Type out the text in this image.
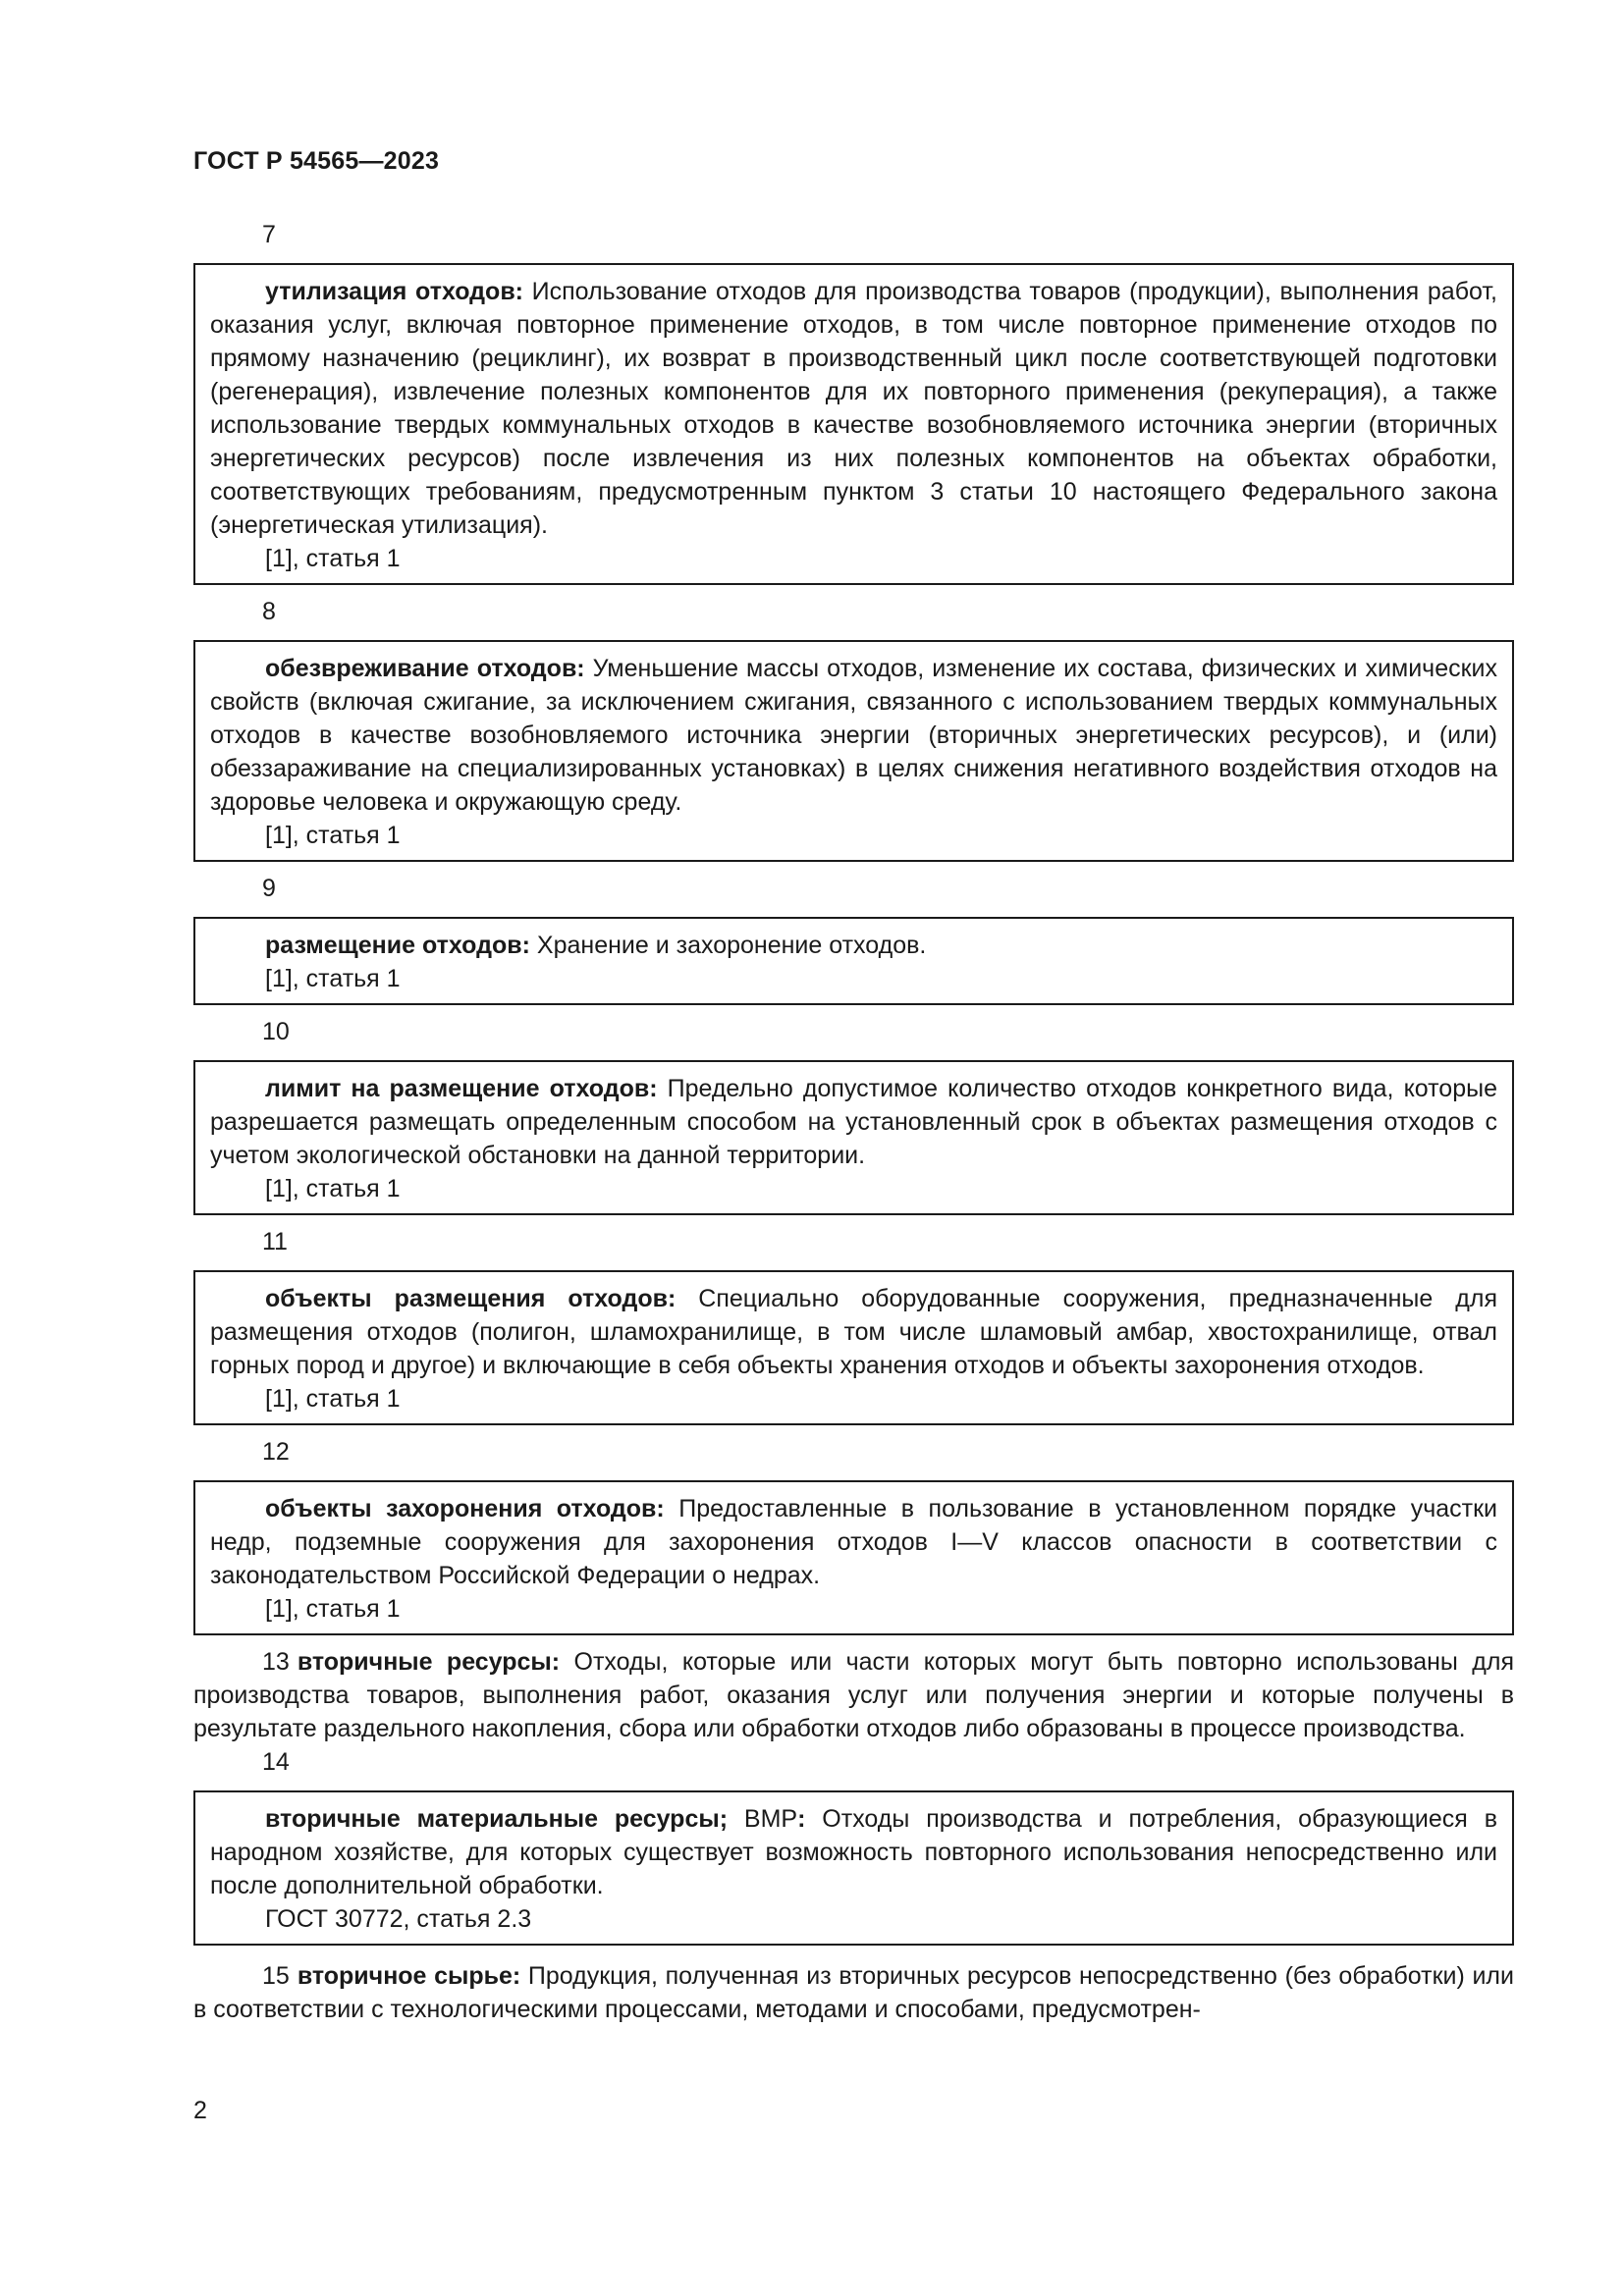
ГОСТ Р 54565—2023

7

утилизация отходов: Использование отходов для производства товаров (продукции), выполнения работ, оказания услуг, включая повторное применение отходов, в том числе повторное применение отходов по прямому назначению (рециклинг), их возврат в производственный цикл после соответствующей подготовки (регенерация), извлечение полезных компонентов для их повторного применения (рекуперация), а также использование твердых коммунальных отходов в качестве возобновляемого источника энергии (вторичных энергетических ресурсов) после извлечения из них полезных компонентов на объектах обработки, соответствующих требованиям, предусмотренным пунктом 3 статьи 10 настоящего Федерального закона (энергетическая утилизация).

[1], статья 1

8

обезвреживание отходов: Уменьшение массы отходов, изменение их состава, физических и химических свойств (включая сжигание, за исключением сжигания, связанного с использованием твердых коммунальных отходов в качестве возобновляемого источника энергии (вторичных энергетических ресурсов), и (или) обеззараживание на специализированных установках) в целях снижения негативного воздействия отходов на здоровье человека и окружающую среду.

[1], статья 1

9

размещение отходов: Хранение и захоронение отходов.

[1], статья 1

10

лимит на размещение отходов: Предельно допустимое количество отходов конкретного вида, которые разрешается размещать определенным способом на установленный срок в объектах размещения отходов с учетом экологической обстановки на данной территории.

[1], статья 1

11

объекты размещения отходов: Специально оборудованные сооружения, предназначенные для размещения отходов (полигон, шламохранилище, в том числе шламовый амбар, хвостохранилище, отвал горных пород и другое) и включающие в себя объекты хранения отходов и объекты захоронения отходов.

[1], статья 1

12

объекты захоронения отходов: Предоставленные в пользование в установленном порядке участки недр, подземные сооружения для захоронения отходов I—V классов опасности в соответствии с законодательством Российской Федерации о недрах.

[1], статья 1

13 вторичные ресурсы: Отходы, которые или части которых могут быть повторно использованы для производства товаров, выполнения работ, оказания услуг или получения энергии и которые получены в результате раздельного накопления, сбора или обработки отходов либо образованы в процессе производства.

14

вторичные материальные ресурсы; ВМР: Отходы производства и потребления, образующиеся в народном хозяйстве, для которых существует возможность повторного использования непосредственно или после дополнительной обработки.

ГОСТ 30772, статья 2.3

15 вторичное сырье: Продукция, полученная из вторичных ресурсов непосредственно (без обработки) или в соответствии с технологическими процессами, методами и способами, предусмотрен-

2
